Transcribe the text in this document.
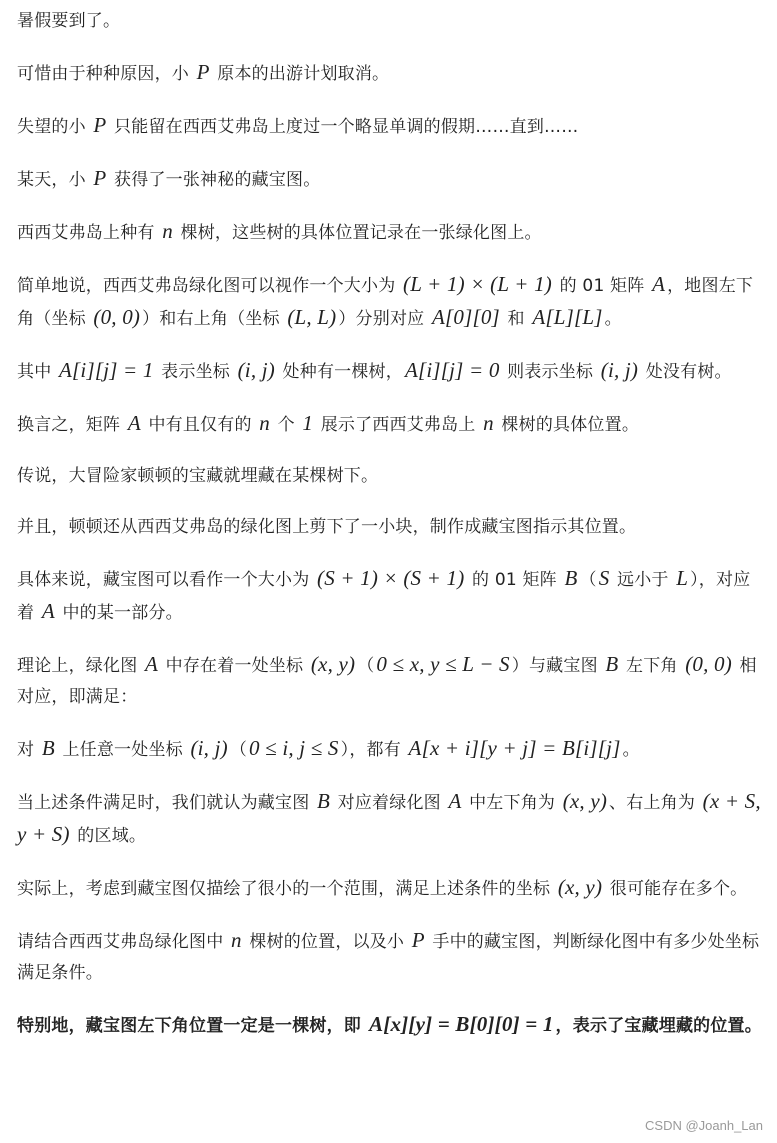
暑假要到了。

可惜由于种种原因，小 P 原本的出游计划取消。

失望的小 P 只能留在西西艾弗岛上度过一个略显单调的假期……直到……

某天，小 P 获得了一张神秘的藏宝图。

西西艾弗岛上种有 n 棵树，这些树的具体位置记录在一张绿化图上。

简单地说，西西艾弗岛绿化图可以视作一个大小为 (L + 1) × (L + 1) 的 01 矩阵 A ，地图左下角（坐标 (0, 0) ）和右上角（坐标 (L, L) ）分别对应 A[0][0] 和 A[L][L] 。

其中 A[i][j] = 1 表示坐标 (i, j) 处种有一棵树，A[i][j] = 0 则表示坐标 (i, j) 处没有树。

换言之，矩阵 A 中有且仅有的 n 个 1 展示了西西艾弗岛上 n 棵树的具体位置。

传说，大冒险家顿顿的宝藏就埋藏在某棵树下。

并且，顿顿还从西西艾弗岛的绿化图上剪下了一小块，制作成藏宝图指示其位置。

具体来说，藏宝图可以看作一个大小为 (S + 1) × (S + 1) 的 01 矩阵 B （S 远小于 L ），对应着 A 中的某一部分。

理论上，绿化图 A 中存在着一处坐标 (x, y) （0 ≤ x, y ≤ L − S ）与藏宝图 B 左下角 (0, 0) 相对应，即满足：

对 B 上任意一处坐标 (i, j) （0 ≤ i, j ≤ S ），都有 A[x + i][y + j] = B[i][j] 。

当上述条件满足时，我们就认为藏宝图 B 对应着绿化图 A 中左下角为 (x, y) 、右上角为 (x + S, y + S) 的区域。

实际上，考虑到藏宝图仅描绘了很小的一个范围，满足上述条件的坐标 (x, y) 很可能存在多个。

请结合西西艾弗岛绿化图中 n 棵树的位置，以及小 P 手中的藏宝图，判断绿化图中有多少处坐标满足条件。

特别地，藏宝图左下角位置一定是一棵树，即 A[x][y] = B[0][0] = 1 ，表示了宝藏埋藏的位置。

CSDN @Joanh_Lan
